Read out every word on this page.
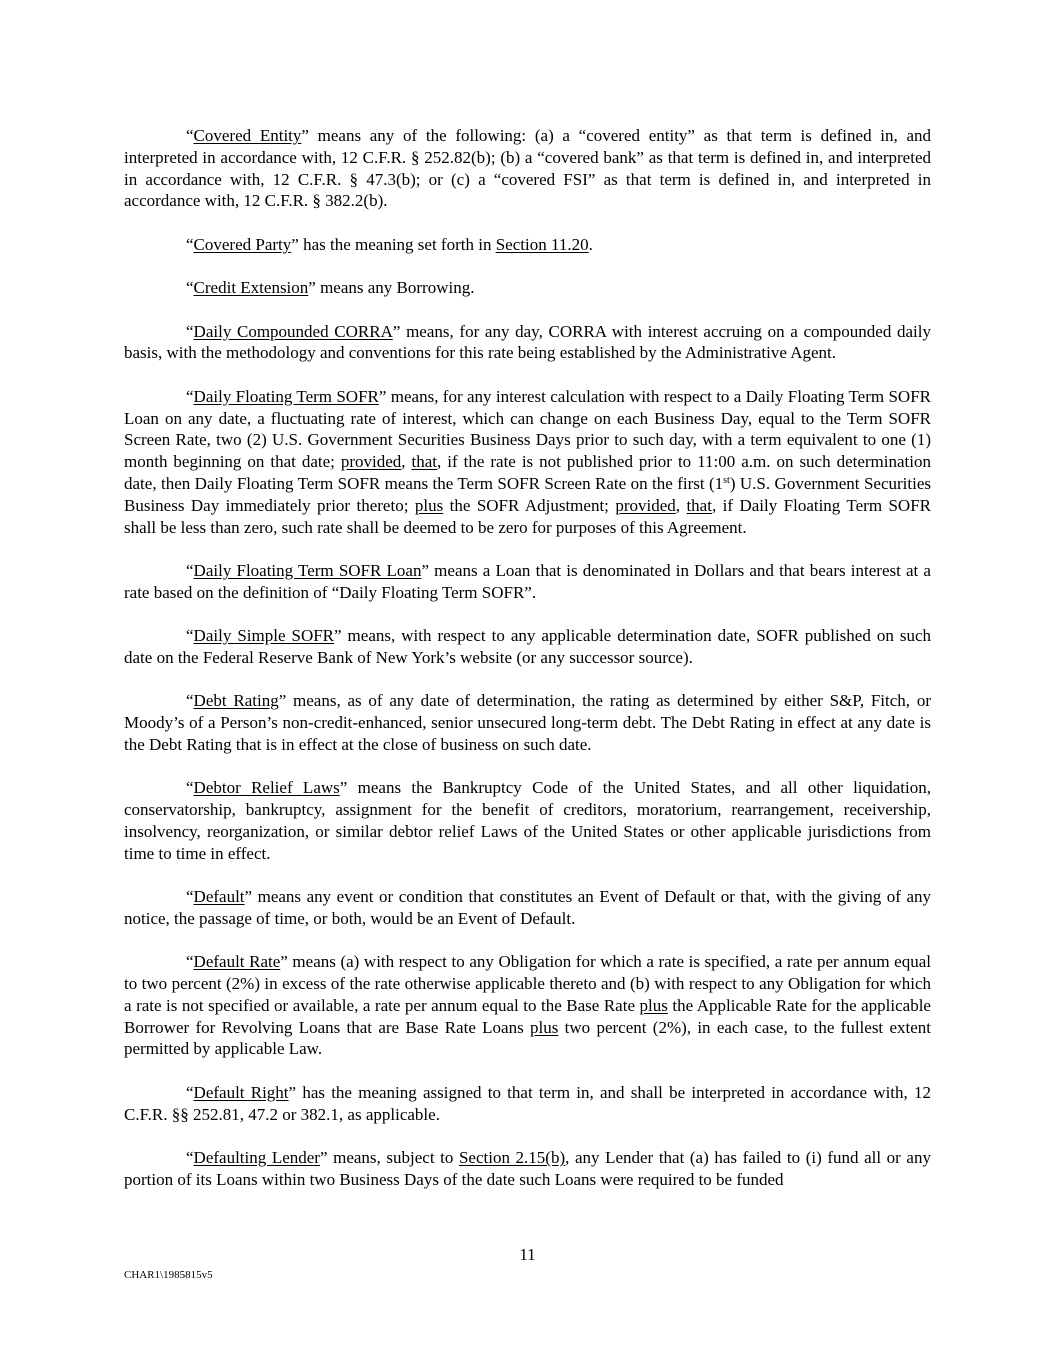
“Covered Entity” means any of the following: (a) a “covered entity” as that term is defined in, and interpreted in accordance with, 12 C.F.R. § 252.82(b); (b) a “covered bank” as that term is defined in, and interpreted in accordance with, 12 C.F.R. § 47.3(b); or (c) a “covered FSI” as that term is defined in, and interpreted in accordance with, 12 C.F.R. § 382.2(b).

“Covered Party” has the meaning set forth in Section 11.20.

“Credit Extension” means any Borrowing.

“Daily Compounded CORRA” means, for any day, CORRA with interest accruing on a compounded daily basis, with the methodology and conventions for this rate being established by the Administrative Agent.

“Daily Floating Term SOFR” means, for any interest calculation with respect to a Daily Floating Term SOFR Loan on any date, a fluctuating rate of interest, which can change on each Business Day, equal to the Term SOFR Screen Rate, two (2) U.S. Government Securities Business Days prior to such day, with a term equivalent to one (1) month beginning on that date; provided, that, if the rate is not published prior to 11:00 a.m. on such determination date, then Daily Floating Term SOFR means the Term SOFR Screen Rate on the first (1st) U.S. Government Securities Business Day immediately prior thereto; plus the SOFR Adjustment; provided, that, if Daily Floating Term SOFR shall be less than zero, such rate shall be deemed to be zero for purposes of this Agreement.

“Daily Floating Term SOFR Loan” means a Loan that is denominated in Dollars and that bears interest at a rate based on the definition of “Daily Floating Term SOFR”.

“Daily Simple SOFR” means, with respect to any applicable determination date, SOFR published on such date on the Federal Reserve Bank of New York’s website (or any successor source).

“Debt Rating” means, as of any date of determination, the rating as determined by either S&P, Fitch, or Moody’s of a Person’s non-credit-enhanced, senior unsecured long-term debt. The Debt Rating in effect at any date is the Debt Rating that is in effect at the close of business on such date.

“Debtor Relief Laws” means the Bankruptcy Code of the United States, and all other liquidation, conservatorship, bankruptcy, assignment for the benefit of creditors, moratorium, rearrangement, receivership, insolvency, reorganization, or similar debtor relief Laws of the United States or other applicable jurisdictions from time to time in effect.

“Default” means any event or condition that constitutes an Event of Default or that, with the giving of any notice, the passage of time, or both, would be an Event of Default.

“Default Rate” means (a) with respect to any Obligation for which a rate is specified, a rate per annum equal to two percent (2%) in excess of the rate otherwise applicable thereto and (b) with respect to any Obligation for which a rate is not specified or available, a rate per annum equal to the Base Rate plus the Applicable Rate for the applicable Borrower for Revolving Loans that are Base Rate Loans plus two percent (2%), in each case, to the fullest extent permitted by applicable Law.

“Default Right” has the meaning assigned to that term in, and shall be interpreted in accordance with, 12 C.F.R. §§ 252.81, 47.2 or 382.1, as applicable.

“Defaulting Lender” means, subject to Section 2.15(b), any Lender that (a) has failed to (i) fund all or any portion of its Loans within two Business Days of the date such Loans were required to be funded

11
CHAR1\1985815v5
